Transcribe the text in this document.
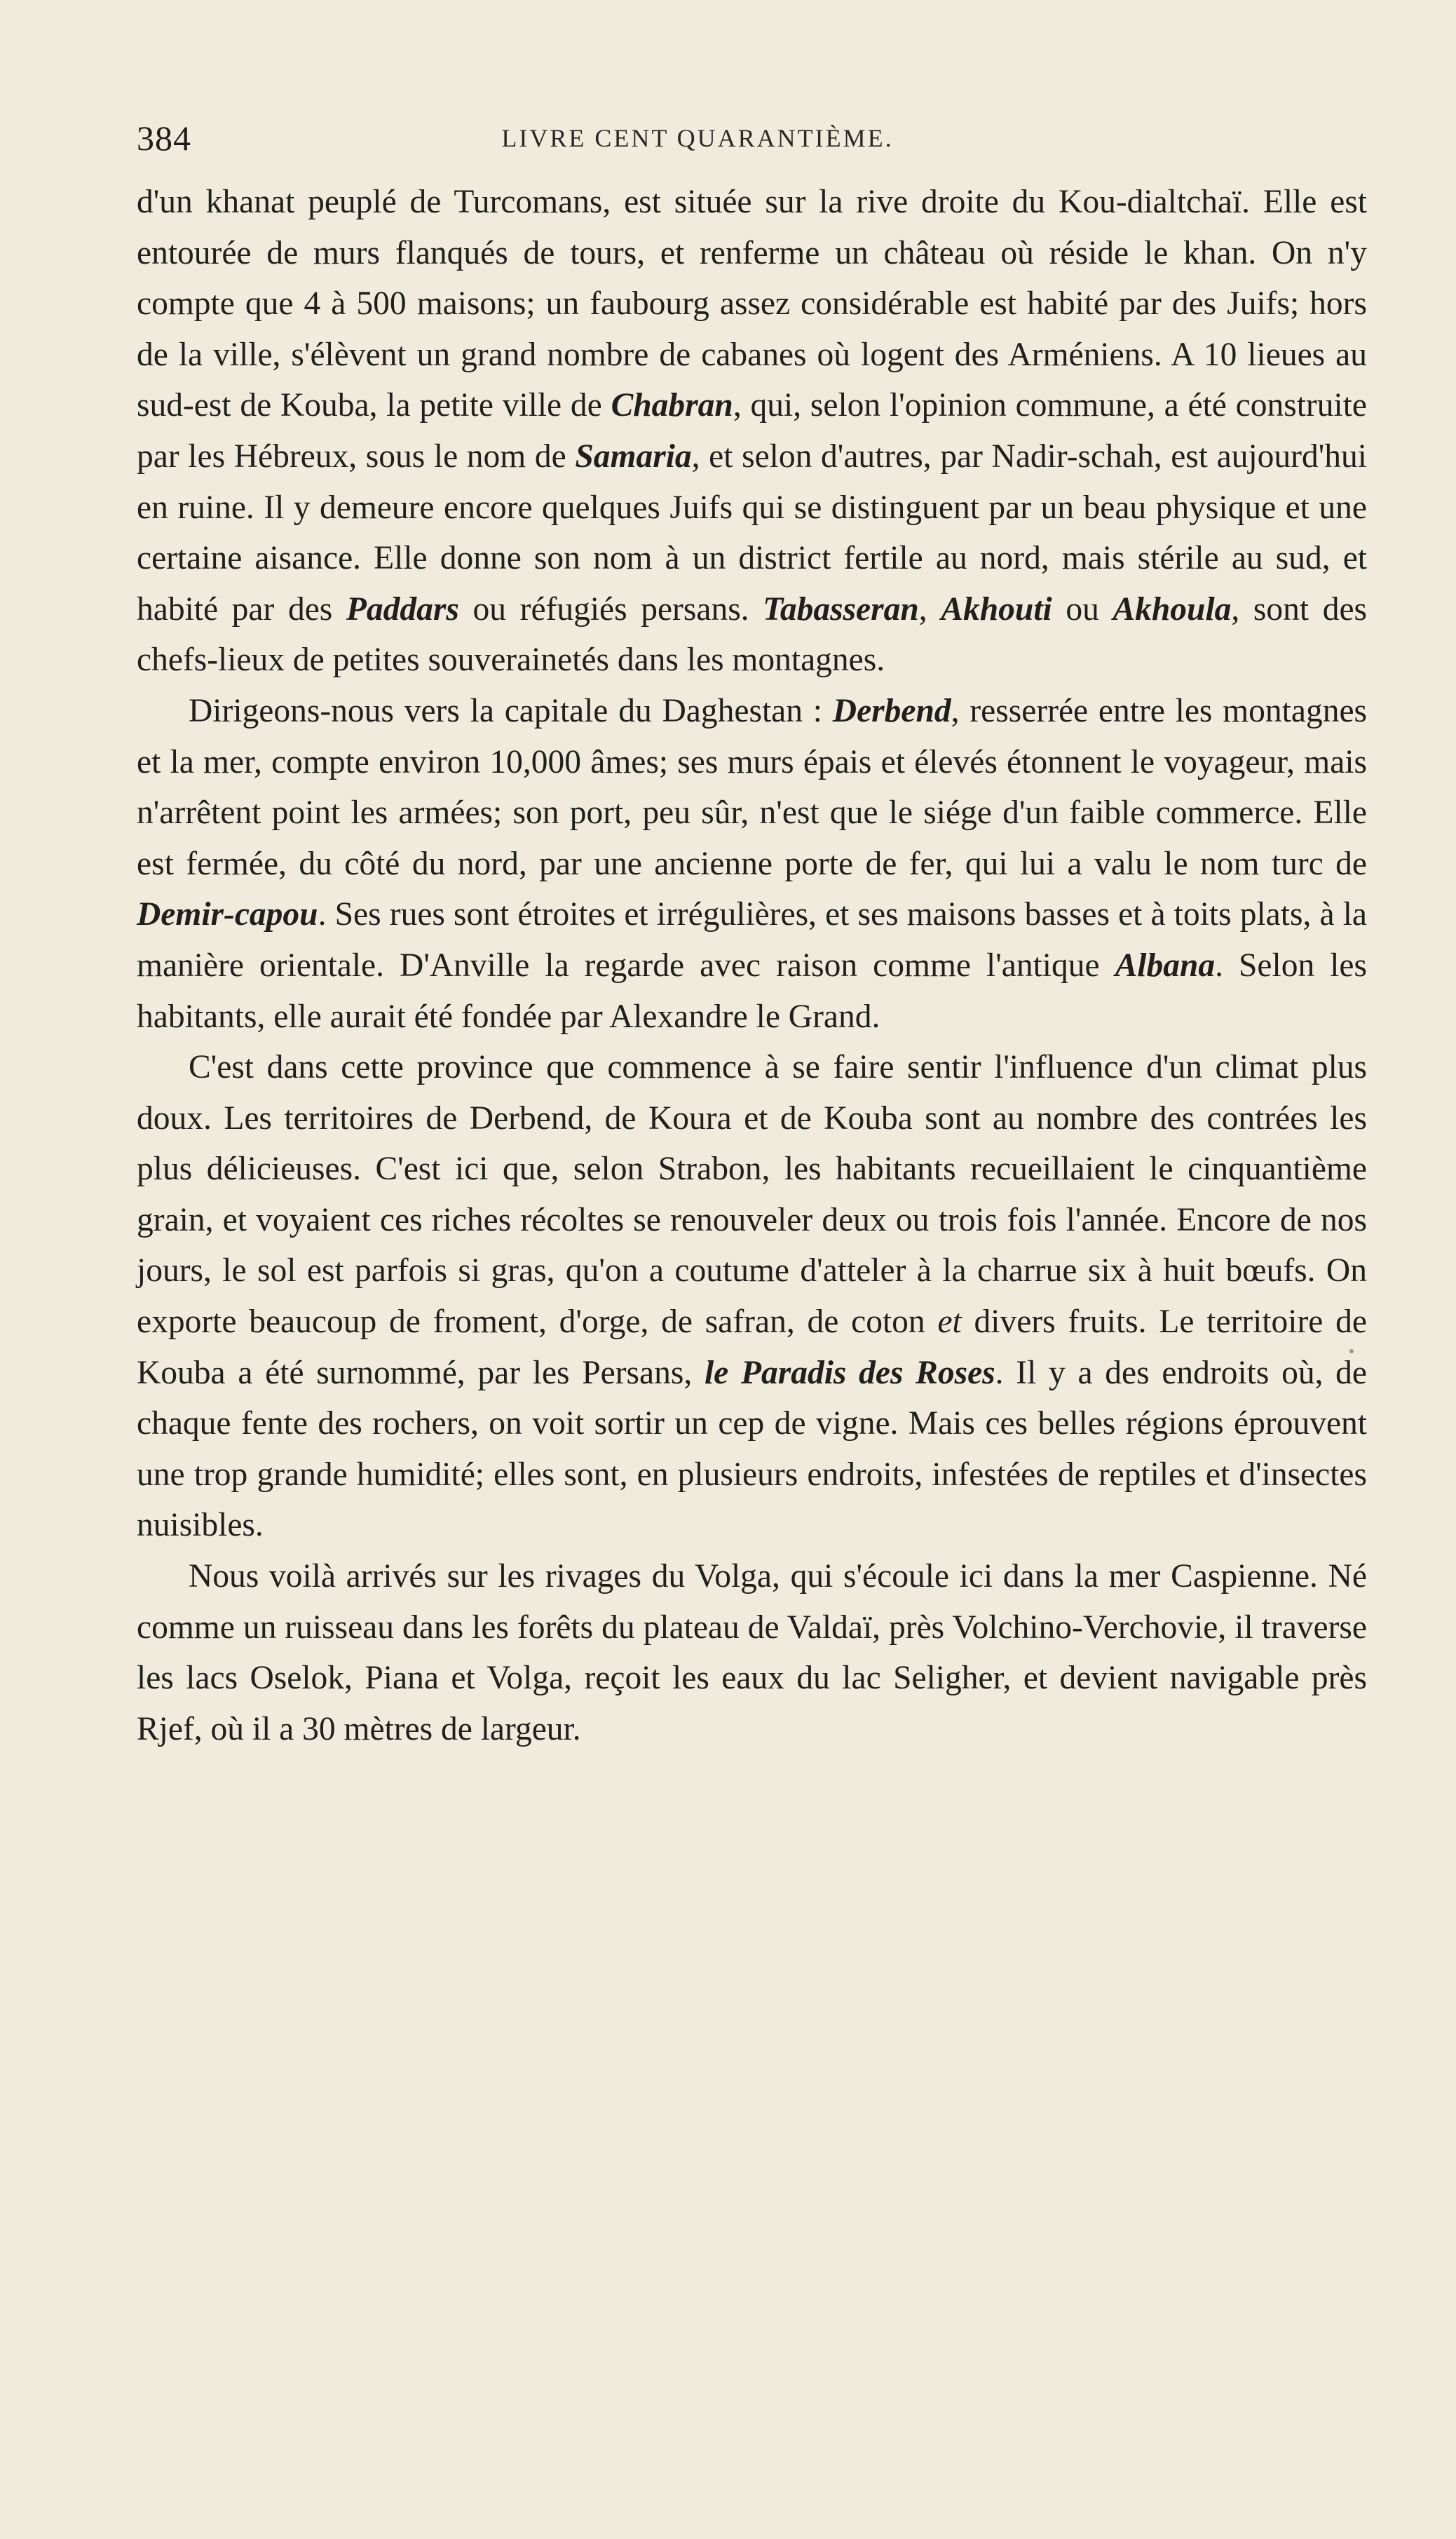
384	LIVRE CENT QUARANTIÈME.

d'un khanat peuplé de Turcomans, est située sur la rive droite du Kou-dialtchaï. Elle est entourée de murs flanqués de tours, et renferme un château où réside le khan. On n'y compte que 4 à 500 maisons; un faubourg assez considérable est habité par des Juifs; hors de la ville, s'élèvent un grand nombre de cabanes où logent des Arméniens. A 10 lieues au sud-est de Kouba, la petite ville de Chabran, qui, selon l'opinion commune, a été construite par les Hébreux, sous le nom de Samaria, et selon d'autres, par Nadir-schah, est aujourd'hui en ruine. Il y demeure encore quelques Juifs qui se distinguent par un beau physique et une certaine aisance. Elle donne son nom à un district fertile au nord, mais stérile au sud, et habité par des Paddars ou réfugiés persans. Tabasseran, Akhouti ou Akhoula, sont des chefs-lieux de petites souverainetés dans les montagnes.

Dirigeons-nous vers la capitale du Daghestan : Derbend, resserrée entre les montagnes et la mer, compte environ 10,000 âmes; ses murs épais et élevés étonnent le voyageur, mais n'arrêtent point les armées; son port, peu sûr, n'est que le siége d'un faible commerce. Elle est fermée, du côté du nord, par une ancienne porte de fer, qui lui a valu le nom turc de Demir-capou. Ses rues sont étroites et irrégulières, et ses maisons basses et à toits plats, à la manière orientale. D'Anville la regarde avec raison comme l'antique Albana. Selon les habitants, elle aurait été fondée par Alexandre le Grand.

C'est dans cette province que commence à se faire sentir l'influence d'un climat plus doux. Les territoires de Derbend, de Koura et de Kouba sont au nombre des contrées les plus délicieuses. C'est ici que, selon Strabon, les habitants recueillaient le cinquantième grain, et voyaient ces riches récoltes se renouveler deux ou trois fois l'année. Encore de nos jours, le sol est parfois si gras, qu'on a coutume d'atteler à la charrue six à huit bœufs. On exporte beaucoup de froment, d'orge, de safran, de coton et divers fruits. Le territoire de Kouba a été surnommé, par les Persans, le Paradis des Roses. Il y a des endroits où, de chaque fente des rochers, on voit sortir un cep de vigne. Mais ces belles régions éprouvent une trop grande humidité; elles sont, en plusieurs endroits, infestées de reptiles et d'insectes nuisibles.

Nous voilà arrivés sur les rivages du Volga, qui s'écoule ici dans la mer Caspienne. Né comme un ruisseau dans les forêts du plateau de Valdaï, près Volchino-Verchovie, il traverse les lacs Oselok, Piana et Volga, reçoit les eaux du lac Seligher, et devient navigable près Rjef, où il a 30 mètres de largeur.
